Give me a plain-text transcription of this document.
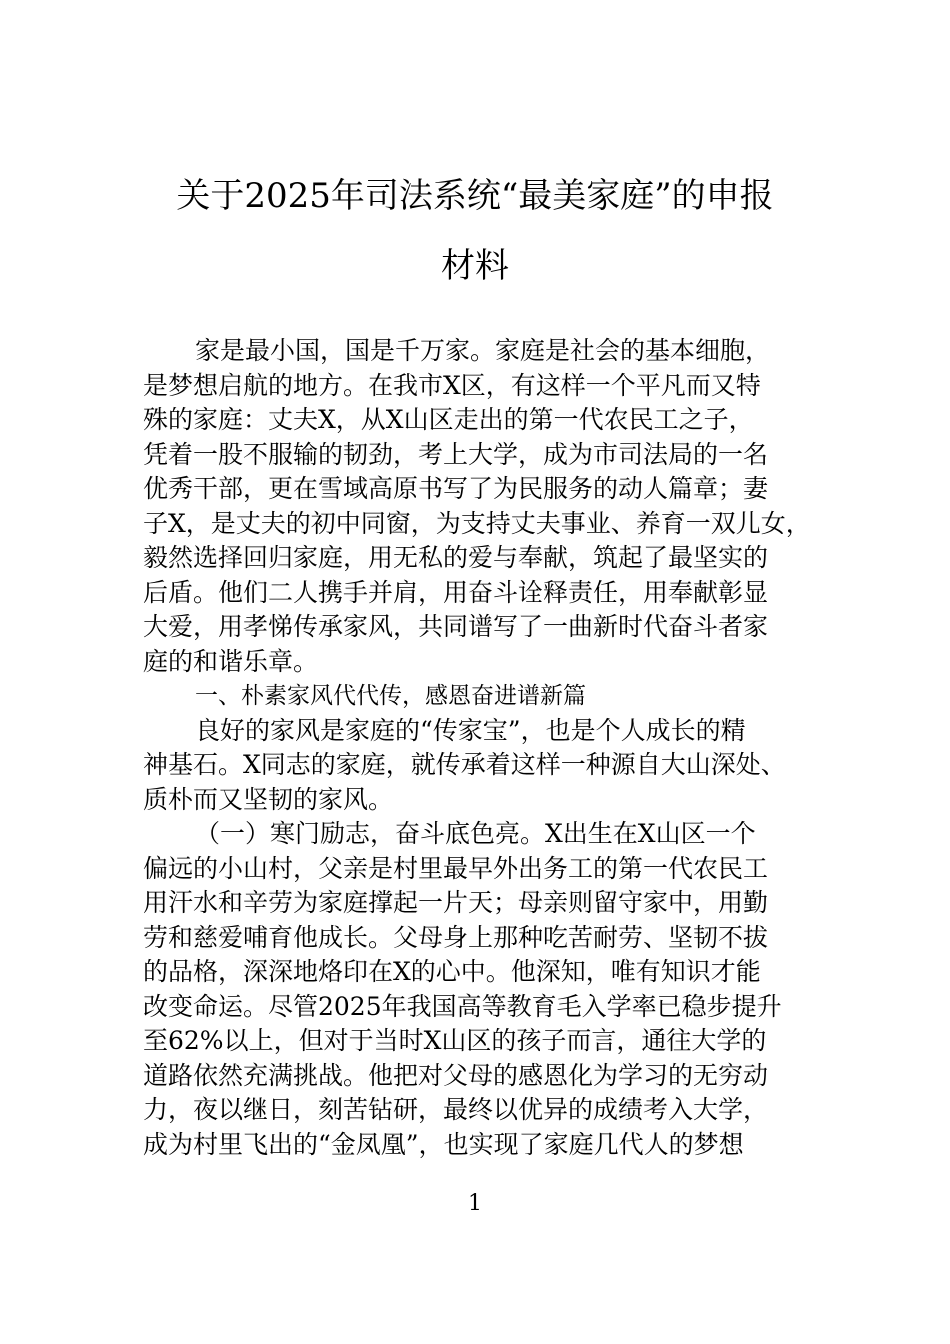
关于2025年司法系统“最美家庭”的申报
材料
家是最小国，国是千万家。家庭是社会的基本细胞，
是梦想启航的地方。在我市X区，有这样一个平凡而又特
殊的家庭：丈夫X，从X山区走出的第一代农民工之子，
凭着一股不服输的韧劲，考上大学，成为市司法局的一名
优秀干部，更在雪域高原书写了为民服务的动人篇章；妻
子X，是丈夫的初中同窗，为支持丈夫事业、养育一双儿女，
毅然选择回归家庭，用无私的爱与奉献，筑起了最坚实的
后盾。他们二人携手并肩，用奋斗诠释责任，用奉献彰显
大爱，用孝悌传承家风，共同谱写了一曲新时代奋斗者家
庭的和谐乐章。
一、朴素家风代代传，感恩奋进谱新篇
良好的家风是家庭的“传家宝”，也是个人成长的精
神基石。X同志的家庭，就传承着这样一种源自大山深处、
质朴而又坚韧的家风。
（一）寒门励志，奋斗底色亮。X出生在X山区一个
偏远的小山村，父亲是村里最早外出务工的第一代农民工
用汗水和辛劳为家庭撑起一片天；母亲则留守家中，用勤
劳和慈爱哺育他成长。父母身上那种吃苦耐劳、坚韧不拔
的品格，深深地烙印在X的心中。他深知，唯有知识才能
改变命运。尽管2025年我国高等教育毛入学率已稳步提升
至62%以上，但对于当时X山区的孩子而言，通往大学的
道路依然充满挑战。他把对父母的感恩化为学习的无穷动
力，夜以继日，刻苦钻研，最终以优异的成绩考入大学，
成为村里飞出的“金凤凰”，也实现了家庭几代人的梦想
1
